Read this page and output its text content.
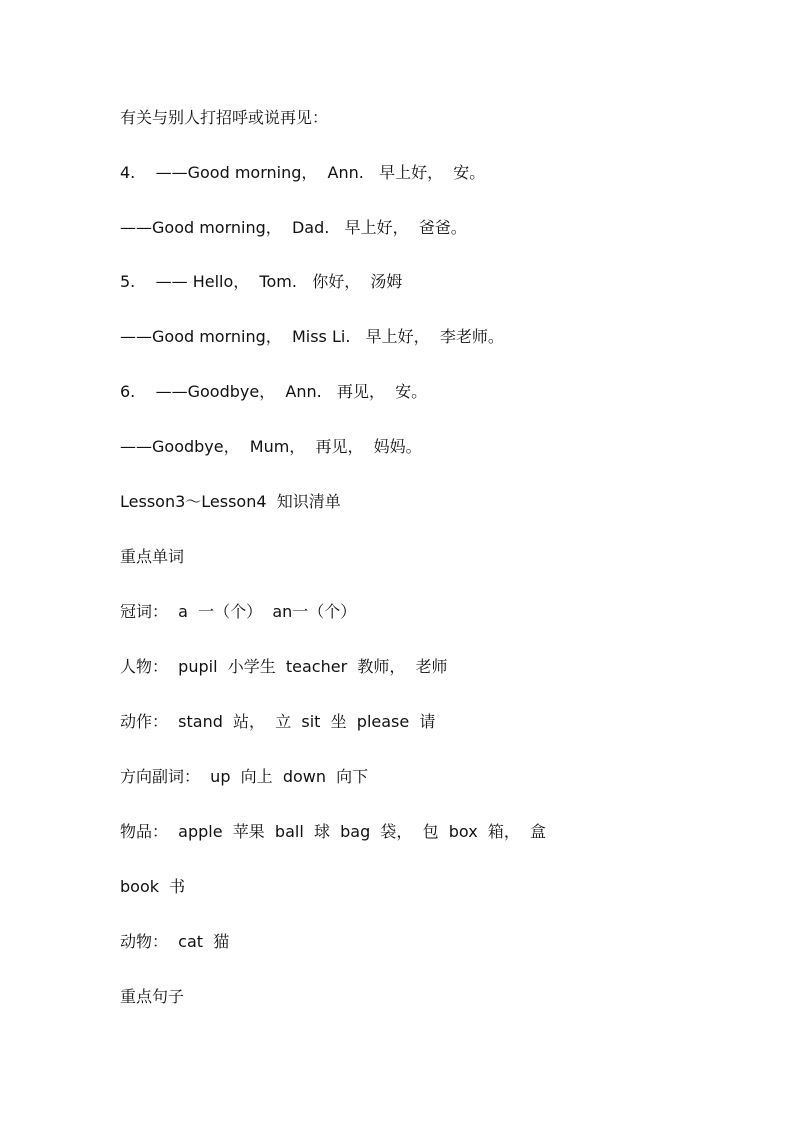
有关与别人打招呼或说再见：
4.    ——Good morning，  Ann.   早上好，  安。
——Good morning，  Dad.   早上好，  爸爸。
5.    —— Hello，  Tom.   你好，  汤姆
——Good morning，  Miss Li.   早上好，  李老师。
6.    ——Goodbye，  Ann.   再见，  安。
——Goodbye，  Mum，  再见，  妈妈。
Lesson3～Lesson4  知识清单
重点单词
冠词：  a  一（个）  an一（个）
人物：  pupil  小学生  teacher  教师，  老师
动作：  stand  站，  立  sit  坐  please  请
方向副词：  up  向上  down  向下
物品：  apple  苹果  ball  球  bag  袋，  包  box  箱，  盒
book  书
动物：  cat  猫
重点句子
